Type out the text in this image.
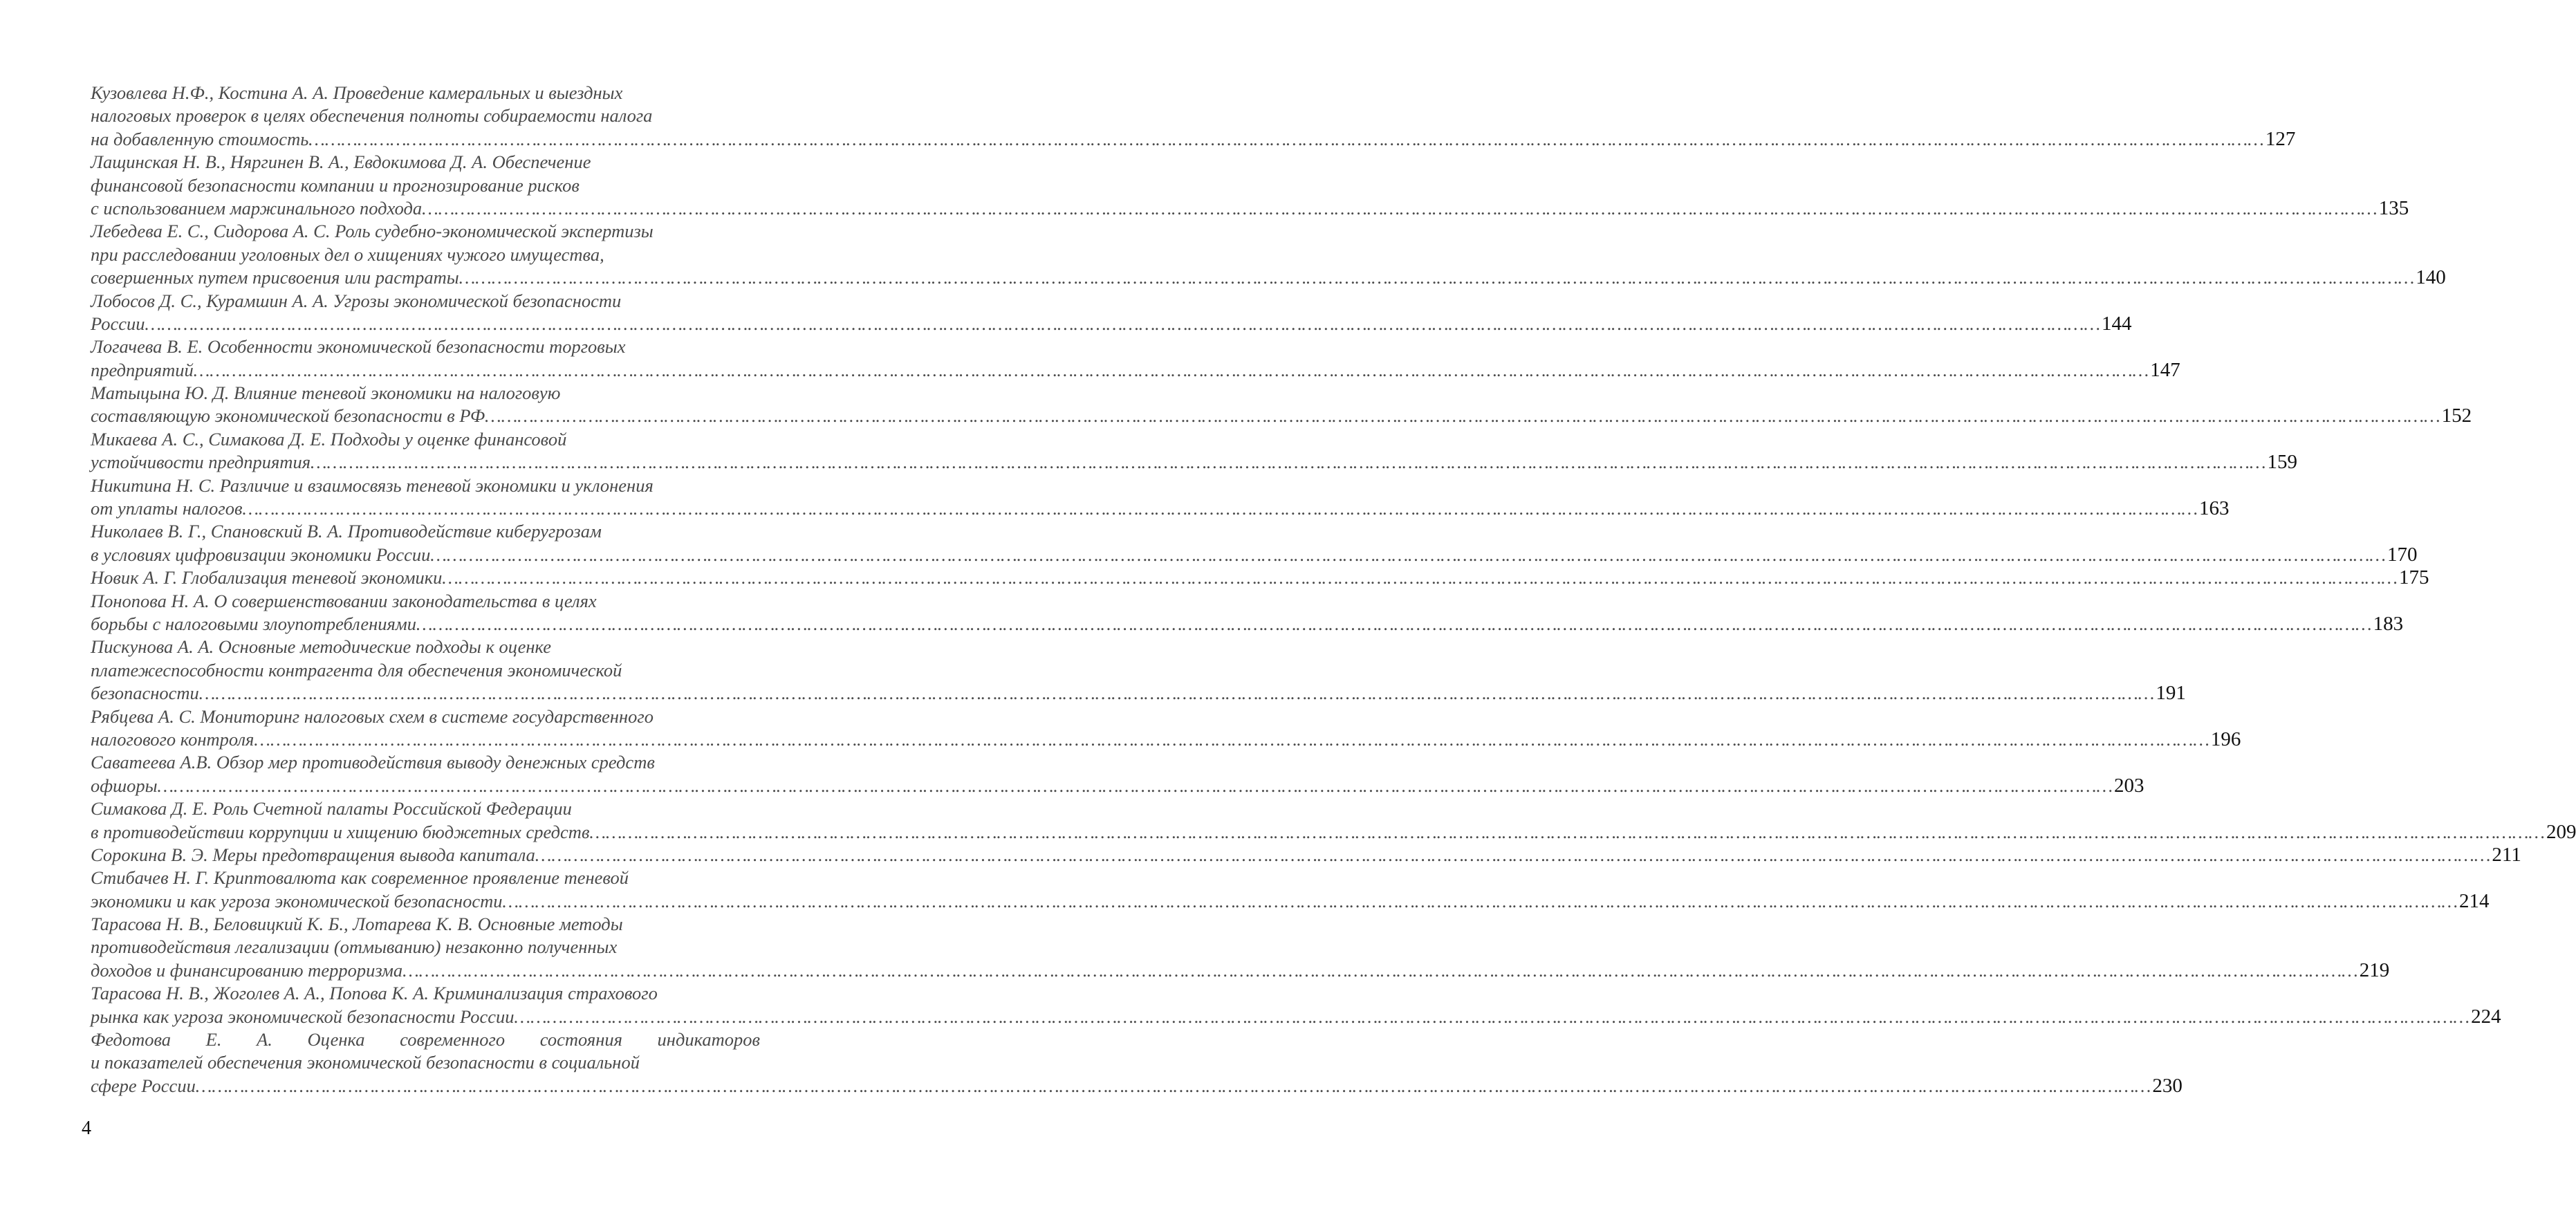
Кузовлева Н.Ф., Костина А. А. Проведение камеральных и выездных
налоговых проверок в целях обеспечения полноты собираемости налога
на добавленную стоимость ……………………………………………………………………………………………………………………………………………………………………………………………………………………………………………………………………………………………………………………………… 127
Лащинская Н. В., Няргинен В. А., Евдокимова Д. А. Обеспечение
финансовой безопасности компании и прогнозирование рисков
с использованием маржинального подхода ……………………………………………………………………………………………………………………………………………………………………………………………………………………………………………………………………………………………………………………………… 135
Лебедева Е. С., Сидорова А. С. Роль судебно-экономической экспертизы
при расследовании уголовных дел о хищениях чужого имущества,
совершенных путем присвоения или растраты ……………………………………………………………………………………………………………………………………………………………………………………………………………………………………………………………………………………………………………………………… 140
Лобосов Д. С., Курамшин А. А. Угрозы экономической безопасности
России ……………………………………………………………………………………………………………………………………………………………………………………………………………………………………………………………………………………………………………………………… 144
Логачева В. Е. Особенности экономической безопасности торговых
предприятий ……………………………………………………………………………………………………………………………………………………………………………………………………………………………………………………………………………………………………………………………… 147
Матыцына Ю. Д. Влияние теневой экономики на налоговую
составляющую экономической безопасности в РФ ……………………………………………………………………………………………………………………………………………………………………………………………………………………………………………………………………………………………………………………………… 152
Микаева А. С., Симакова Д. Е. Подходы у оценке финансовой
устойчивости предприятия ……………………………………………………………………………………………………………………………………………………………………………………………………………………………………………………………………………………………………………………………… 159
Никитина Н. С. Различие и взаимосвязь теневой экономики и уклонения
от уплаты налогов ……………………………………………………………………………………………………………………………………………………………………………………………………………………………………………………………………………………………………………………………… 163
Николаев В. Г., Спановский В. А. Противодействие киберугрозам
в условиях цифровизации экономики России ……………………………………………………………………………………………………………………………………………………………………………………………………………………………………………………………………………………………………………………………… 170
Новик А. Г. Глобализация теневой экономики ……………………………………………………………………………………………………………………………………………………………………………………………………………………………………………………………………………………………………………………………… 175
Понопова Н. А. О совершенствовании законодательства в целях
борьбы с налоговыми злоупотреблениями ……………………………………………………………………………………………………………………………………………………………………………………………………………………………………………………………………………………………………………………………… 183
Пискунова А. А. Основные методические подходы к оценке
платежеспособности контрагента для обеспечения экономической
безопасности ……………………………………………………………………………………………………………………………………………………………………………………………………………………………………………………………………………………………………………………………… 191
Рябцева А. С. Мониторинг налоговых схем в системе государственного
налогового контроля ……………………………………………………………………………………………………………………………………………………………………………………………………………………………………………………………………………………………………………………………… 196
Саватеева А.В. Обзор мер противодействия выводу денежных средств
офшоры ……………………………………………………………………………………………………………………………………………………………………………………………………………………………………………………………………………………………………………………………… 203
Симакова Д. Е. Роль Счетной палаты Российской Федерации
в противодействии коррупции и хищению бюджетных средств ……………………………………………………………………………………………………………………………………………………………………………………………………………………………………………………………………………………………………………………………… 209
Сорокина В. Э. Меры предотвращения вывода капитала ……………………………………………………………………………………………………………………………………………………………………………………………………………………………………………………………………………………………………………………………… 211
Стибачев Н. Г. Криптовалюта как современное проявление теневой
экономики и как угроза экономической безопасности ……………………………………………………………………………………………………………………………………………………………………………………………………………………………………………………………………………………………………………………………… 214
Тарасова Н. В., Беловицкий К. Б., Лотарева К. В. Основные методы
противодействия легализации (отмыванию) незаконно полученных
доходов и финансированию терроризма ……………………………………………………………………………………………………………………………………………………………………………………………………………………………………………………………………………………………………………………………… 219
Тарасова Н. В., Жоголев А. А., Попова К. А. Криминализация страхового
рынка как угроза экономической безопасности России ……………………………………………………………………………………………………………………………………………………………………………………………………………………………………………………………………………………………………………………………… 224
Федотова Е. А. Оценка современного состояния индикаторов
и показателей обеспечения экономической безопасности в социальной
сфере России ……………………………………………………………………………………………………………………………………………………………………………………………………………………………………………………………………………………………………………………………… 230
4
